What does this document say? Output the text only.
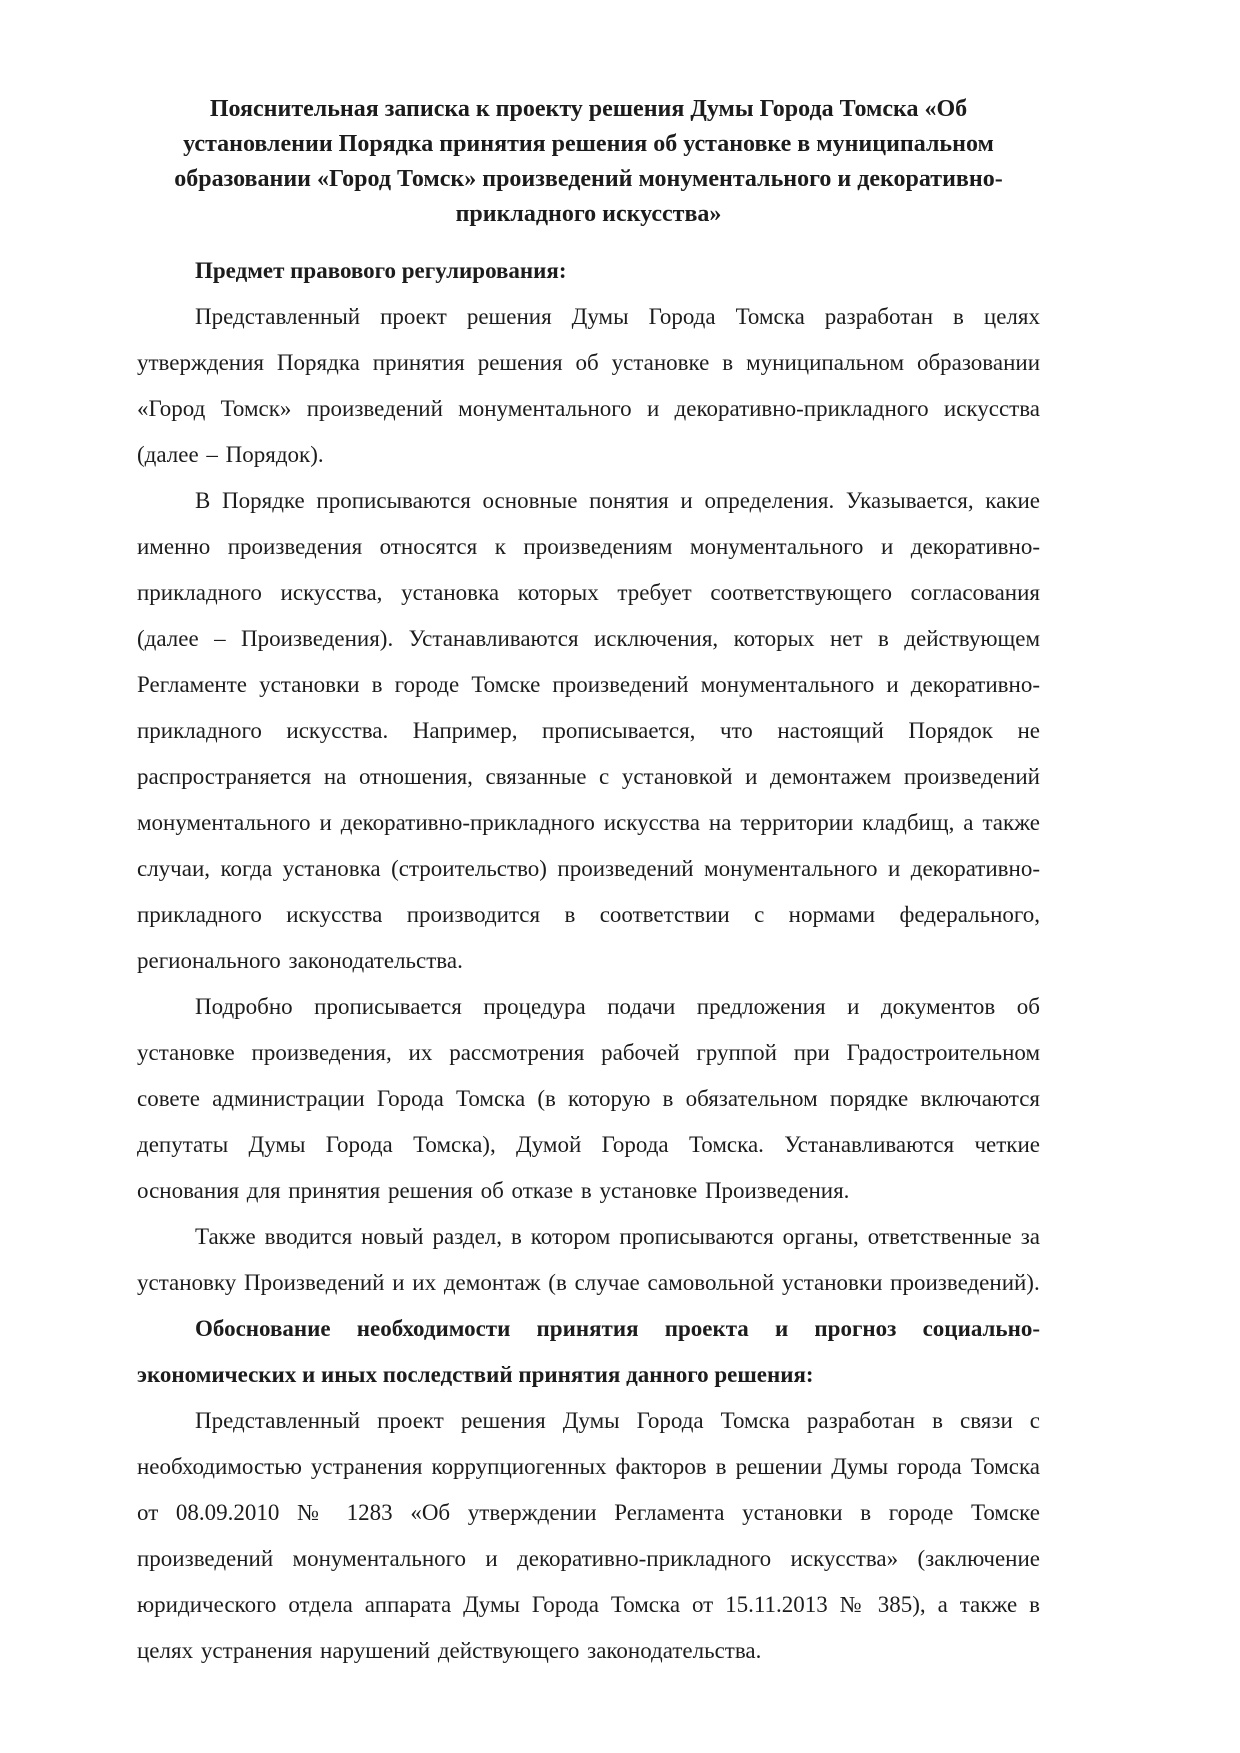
Пояснительная записка к проекту решения Думы Города Томска «Об установлении Порядка принятия решения об установке в муниципальном образовании «Город Томск» произведений монументального и декоративно-прикладного искусства»
Предмет правового регулирования:

Представленный проект решения Думы Города Томска разработан в целях утверждения Порядка принятия решения об установке в муниципальном образовании «Город Томск» произведений монументального и декоративно-прикладного искусства (далее – Порядок).

В Порядке прописываются основные понятия и определения. Указывается, какие именно произведения относятся к произведениям монументального и декоративно-прикладного искусства, установка которых требует соответствующего согласования (далее – Произведения). Устанавливаются исключения, которых нет в действующем Регламенте установки в городе Томске произведений монументального и декоративно-прикладного искусства. Например, прописывается, что настоящий Порядок не распространяется на отношения, связанные с установкой и демонтажем произведений монументального и декоративно-прикладного искусства на территории кладбищ, а также случаи, когда установка (строительство) произведений монументального и декоративно-прикладного искусства производится в соответствии с нормами федерального, регионального законодательства.

Подробно прописывается процедура подачи предложения и документов об установке произведения, их рассмотрения рабочей группой при Градостроительном совете администрации Города Томска (в которую в обязательном порядке включаются депутаты Думы Города Томска), Думой Города Томска. Устанавливаются четкие основания для принятия решения об отказе в установке Произведения.

Также вводится новый раздел, в котором прописываются органы, ответственные за установку Произведений и их демонтаж (в случае самовольной установки произведений).

Обоснование необходимости принятия проекта и прогноз социально-экономических и иных последствий принятия данного решения:

Представленный проект решения Думы Города Томска разработан в связи с необходимостью устранения коррупциогенных факторов в решении Думы города Томска от 08.09.2010 № 1283 «Об утверждении Регламента установки в городе Томске произведений монументального и декоративно-прикладного искусства» (заключение юридического отдела аппарата Думы Города Томска от 15.11.2013 № 385), а также в целях устранения нарушений действующего законодательства.
